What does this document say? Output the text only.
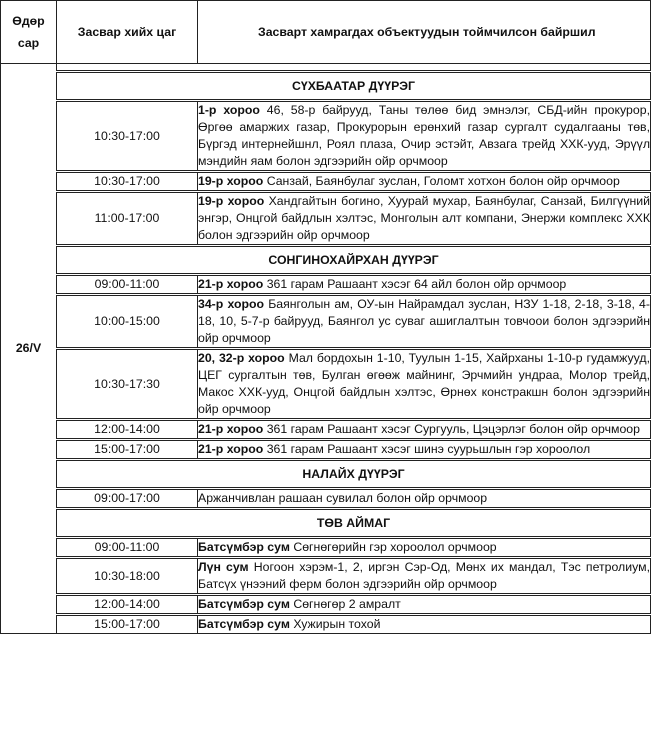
Өдөр
сар	Засвар хийх цаг	Засварт хамрагдах объектуудын тоймчилсон байршил
26/V		
	СҮХБААТАР ДҮҮРЭГ	
	10:30-17:00	1-р хороо 46, 58-р байрууд, Таны төлөө бид эмнэлэг, СБД-ийн прокурор, Өргөө амаржих газар, Прокурорын ерөнхий газар сургалт судалгааны төв, Бүргэд интернейшнл, Роял плаза, Очир эстэйт, Авзага трейд ХХК-ууд, Эрүүл мэндийн яам болон эдгээрийн ойр орчмоор
	10:30-17:00	19-р хороо Санзай, Баянбулаг зуслан, Голомт хотхон болон ойр орчмоор
	11:00-17:00	19-р хороо Хандгайтын богино, Хуурай мухар, Баянбулаг, Санзай, Билгүүний энгэр, Онцгой байдлын хэлтэс, Монголын алт компани, Энержи комплекс ХХК болон эдгээрийн ойр орчмоор
	СОНГИНОХАЙРХАН ДҮҮРЭГ	
	09:00-11:00	21-р хороо 361 гарам Рашаант хэсэг 64 айл болон ойр орчмоор
	10:00-15:00	34-р хороо Баянголын ам, ОУ-ын Найрамдал зуслан, НЗУ 1-18, 2-18, 3-18, 4-18, 10, 5-7-р байрууд, Баянгол ус суваг ашиглалтын товчоои болон эдгээрийн ойр орчмоор
	10:30-17:30	20, 32-р хороо Мал бордохын 1-10, Туулын 1-15, Хайрханы 1-10-р гудамжууд, ЦЕГ сургалтын төв, Булган өгөөж майнинг, Эрчмийн ундраа, Молор трейд, Макос ХХК-ууд, Онцгой байдлын хэлтэс, Өрнөх констракшн болон эдгээрийн ойр орчмоор
	12:00-14:00	21-р хороо 361 гарам Рашаант хэсэг Сургууль, Цэцэрлэг болон ойр орчмоор
	15:00-17:00	21-р хороо 361 гарам Рашаант хэсэг шинэ суурьшлын гэр хороолол
	НАЛАЙХ ДҮҮРЭГ	
	09:00-17:00	Аржанчивлан рашаан сувилал болон ойр орчмоор
	ТӨВ АЙМАГ	
	09:00-11:00	Батсүмбэр сум Сөгнөгөрийн гэр хороолол орчмоор
	10:30-18:00	Лүн сум Ногоон хэрэм-1, 2, иргэн Сэр-Од, Мөнх их мандал, Тэс петролиум, Батсүх үнээний ферм болон эдгээрийн ойр орчмоор
	12:00-14:00	Батсүмбэр сум Сөгнөгөр 2 амралт
	15:00-17:00	Батсүмбэр сум Хужирын тохой
